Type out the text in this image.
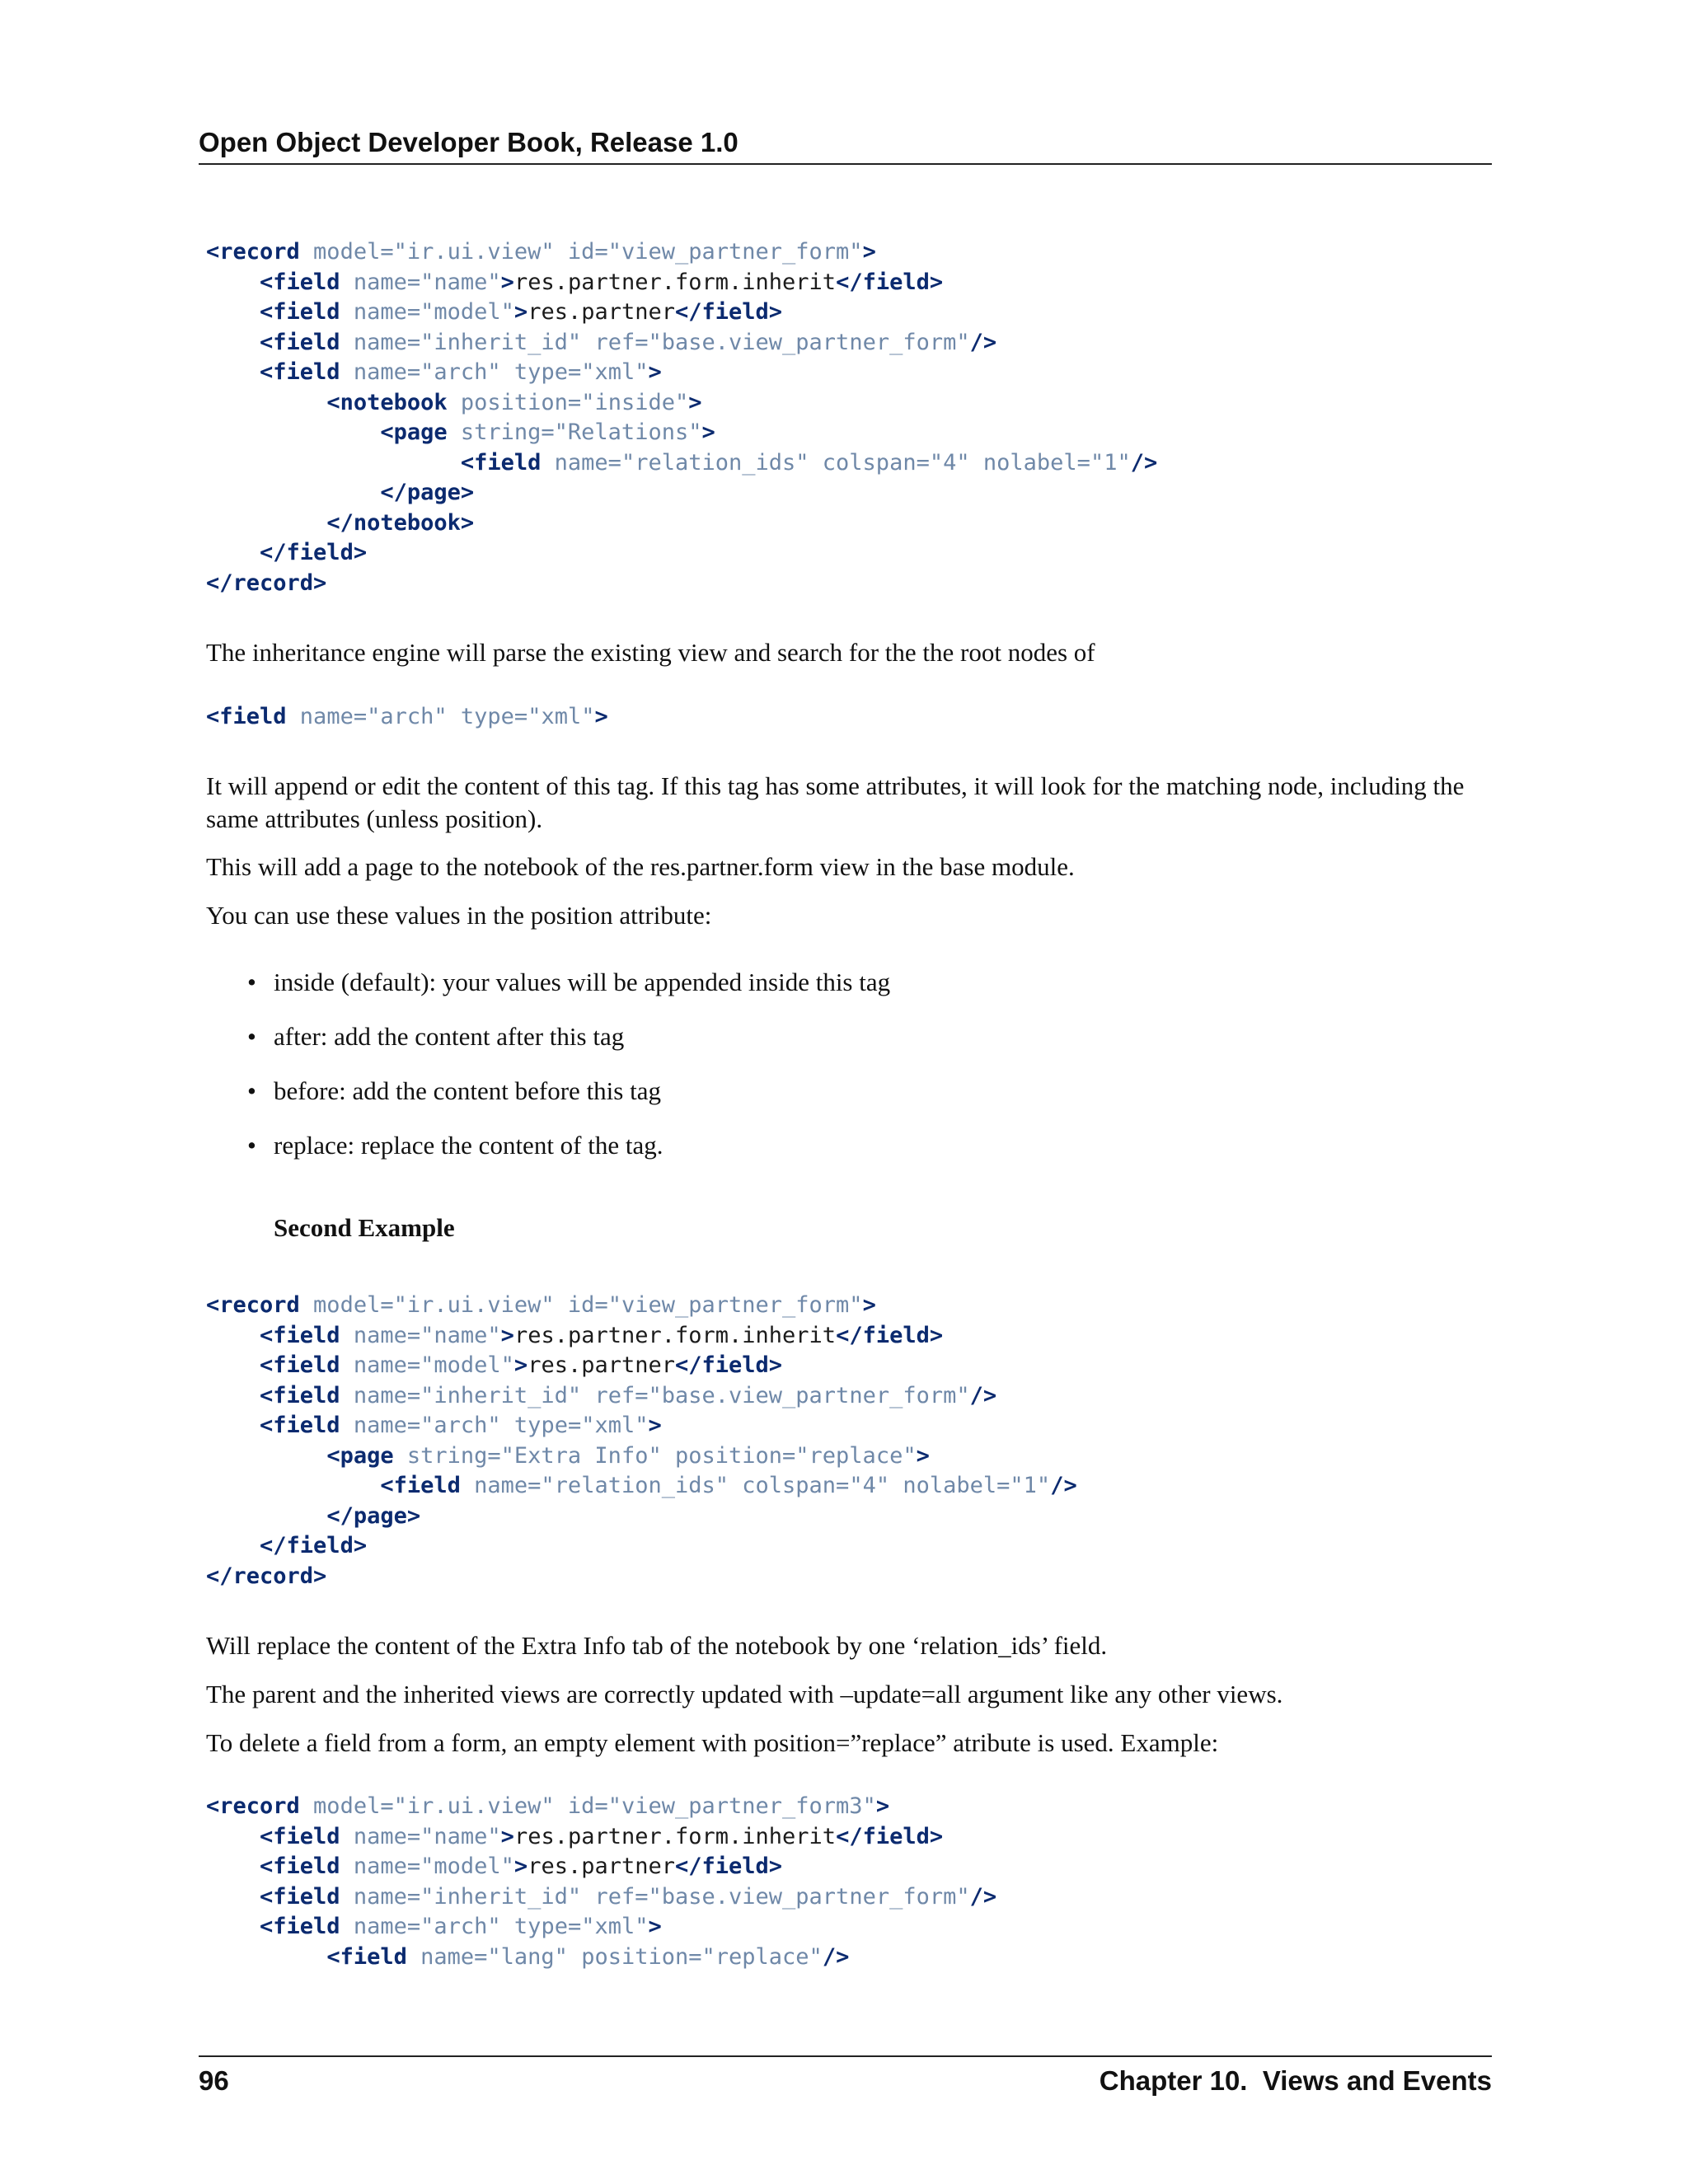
Open Object Developer Book, Release 1.0
<record model="ir.ui.view" id="view_partner_form">
<field name="name">res.partner.form.inherit</field>
<field name="model">res.partner</field>
<field name="inherit_id" ref="base.view_partner_form"/>
<field name="arch" type="xml">
<notebook position="inside">
<page string="Relations">
<field name="relation_ids" colspan="4" nolabel="1"/>
</page>
</notebook>
</field>
</record>

The inheritance engine will parse the existing view and search for the the root nodes of

<field name="arch" type="xml">

It will append or edit the content of this tag. If this tag has some attributes, it will look for the matching node, including the same attributes (unless position).

This will add a page to the notebook of the res.partner.form view in the base module.

You can use these values in the position attribute:

• inside (default): your values will be appended inside this tag
• after: add the content after this tag
• before: add the content before this tag
• replace: replace the content of the tag.

Second Example

<record model="ir.ui.view" id="view_partner_form">
<field name="name">res.partner.form.inherit</field>
<field name="model">res.partner</field>
<field name="inherit_id" ref="base.view_partner_form"/>
<field name="arch" type="xml">
<page string="Extra Info" position="replace">
<field name="relation_ids" colspan="4" nolabel="1"/>
</page>
</field>
</record>

Will replace the content of the Extra Info tab of the notebook by one ‘relation_ids’ field.

The parent and the inherited views are correctly updated with –update=all argument like any other views.

To delete a field from a form, an empty element with position=”replace” atribute is used. Example:

<record model="ir.ui.view" id="view_partner_form3">
<field name="name">res.partner.form.inherit</field>
<field name="model">res.partner</field>
<field name="inherit_id" ref="base.view_partner_form"/>
<field name="arch" type="xml">
<field name="lang" position="replace"/>
96	Chapter 10.  Views and Events
